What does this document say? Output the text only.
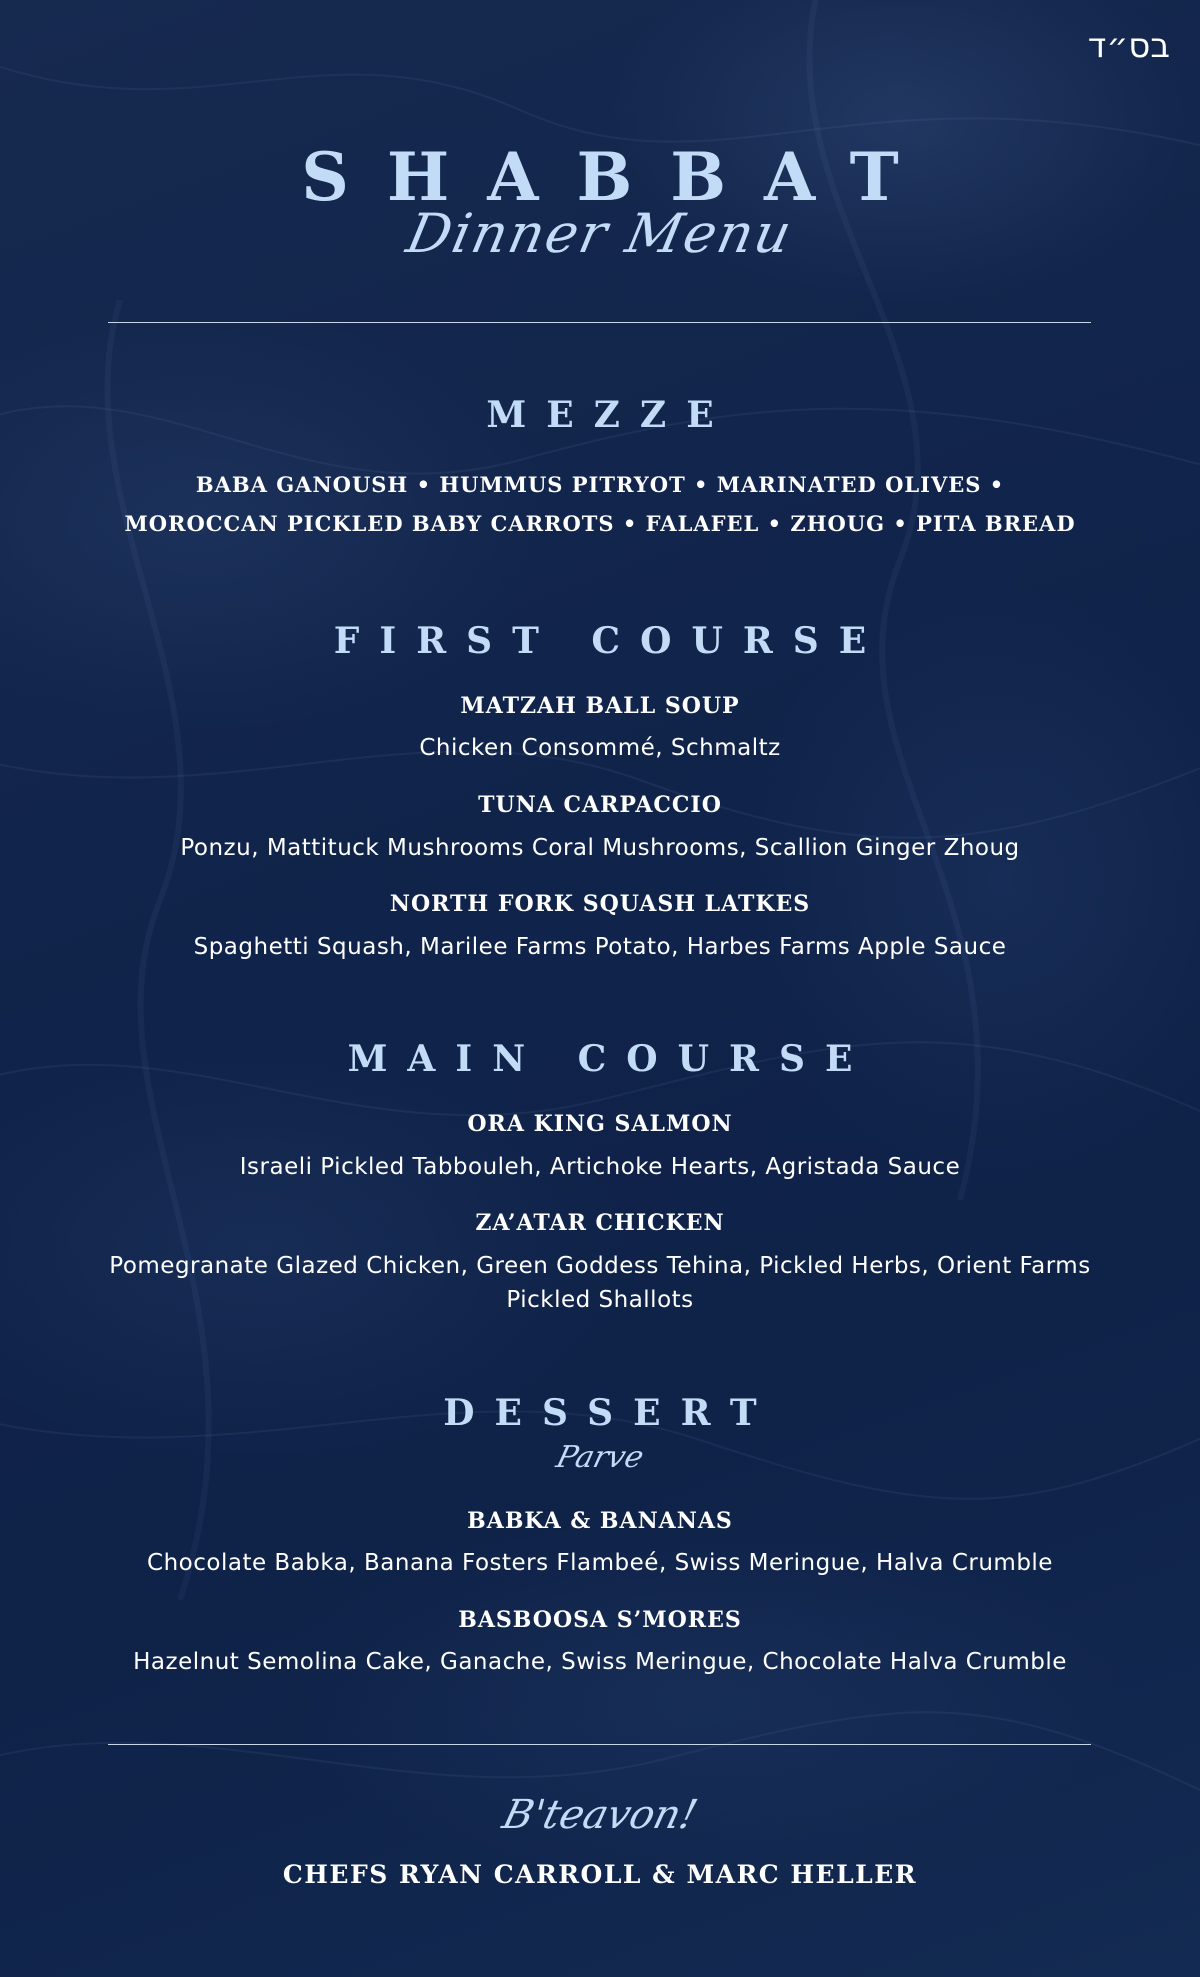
בס״ד
SHABBAT
Dinner Menu
MEZZE
BABA GANOUSH • HUMMUS PITRYOT • MARINATED OLIVES •
MOROCCAN PICKLED BABY CARROTS • FALAFEL • ZHOUG • PITA BREAD
FIRST COURSE
MATZAH BALL SOUP
Chicken Consommé, Schmaltz
TUNA CARPACCIO
Ponzu, Mattituck Mushrooms Coral Mushrooms, Scallion Ginger Zhoug
NORTH FORK SQUASH LATKES
Spaghetti Squash, Marilee Farms Potato, Harbes Farms Apple Sauce
MAIN COURSE
ORA KING SALMON
Israeli Pickled Tabbouleh, Artichoke Hearts, Agristada Sauce
ZA’ATAR CHICKEN
Pomegranate Glazed Chicken, Green Goddess Tehina, Pickled Herbs, Orient Farms Pickled Shallots
DESSERT
Parve
BABKA & BANANAS
Chocolate Babka, Banana Fosters Flambeé, Swiss Meringue, Halva Crumble
BASBOOSA S’MORES
Hazelnut Semolina Cake, Ganache, Swiss Meringue, Chocolate Halva Crumble
B'teavon!
CHEFS RYAN CARROLL & MARC HELLER
